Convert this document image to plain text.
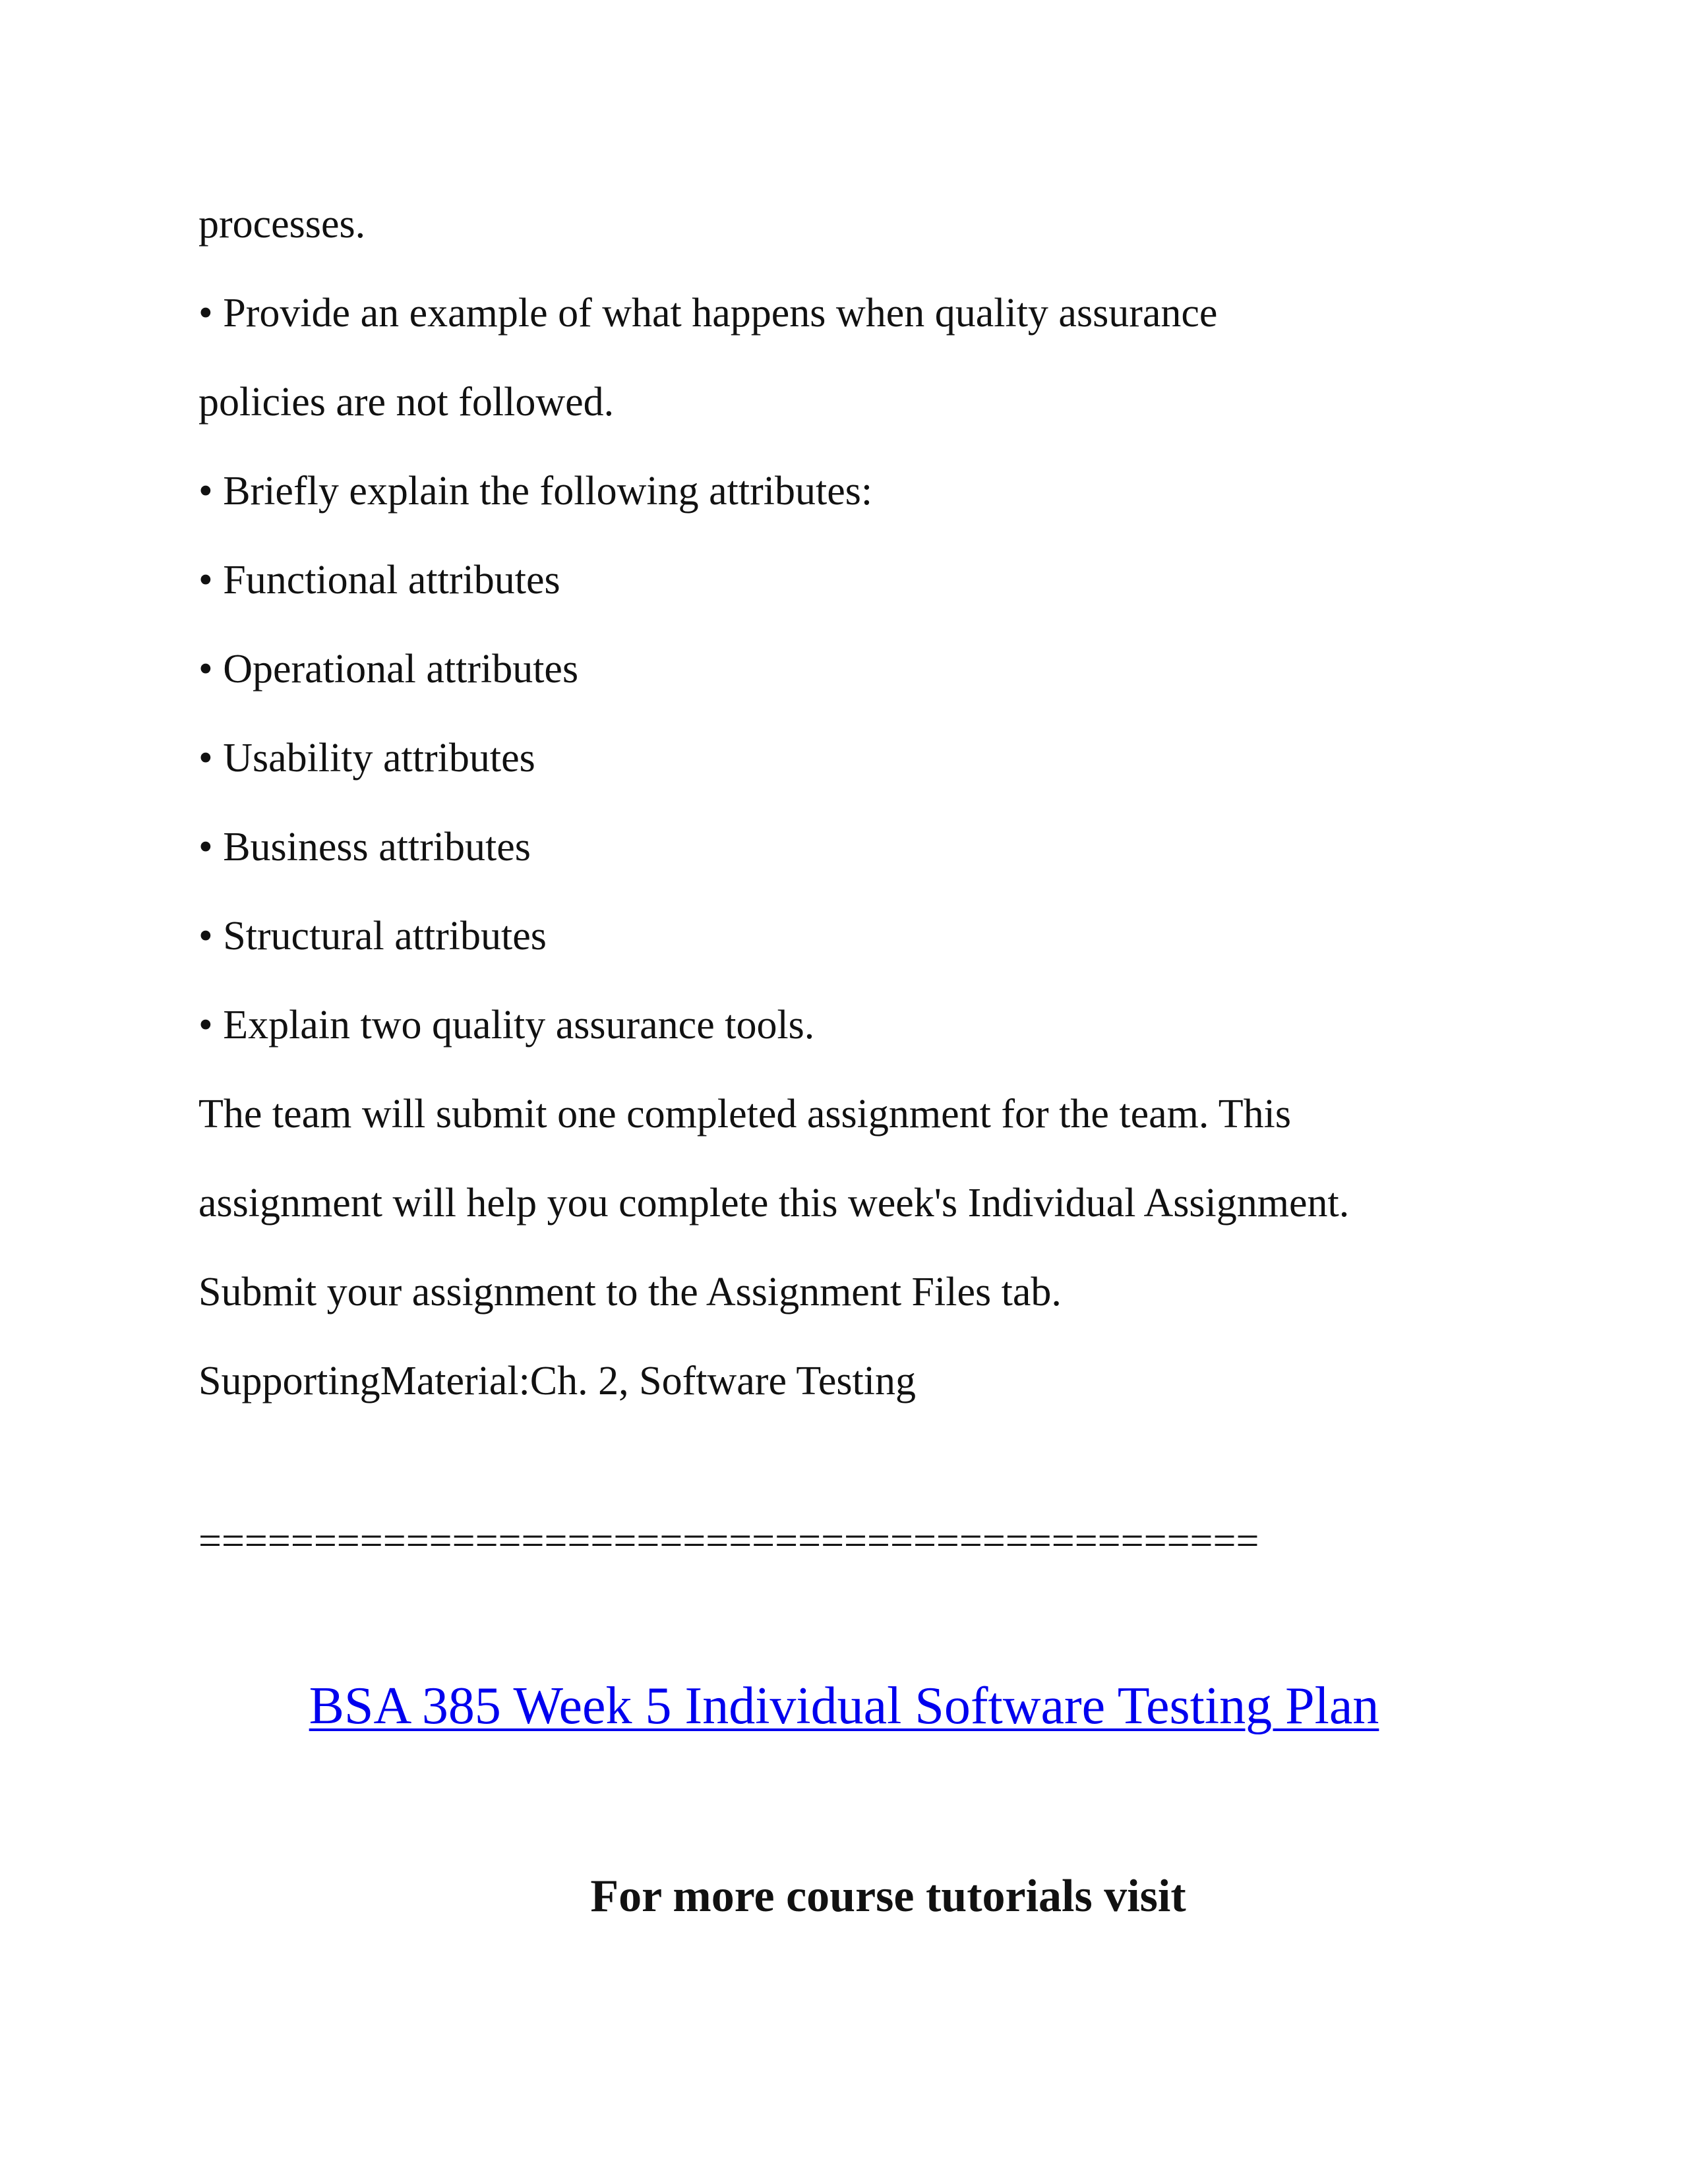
processes.

• Provide an example of what happens when quality assurance

policies are not followed.

• Briefly explain the following attributes:

• Functional attributes

• Operational attributes

• Usability attributes

• Business attributes

• Structural attributes

• Explain two quality assurance tools.

The team will submit one completed assignment for the team. This

assignment will help you complete this week's Individual Assignment.

Submit your assignment to the Assignment Files tab.

SupportingMaterial:Ch. 2, Software Testing

==============================================

BSA 385 Week 5 Individual Software Testing Plan
For more course tutorials visit
